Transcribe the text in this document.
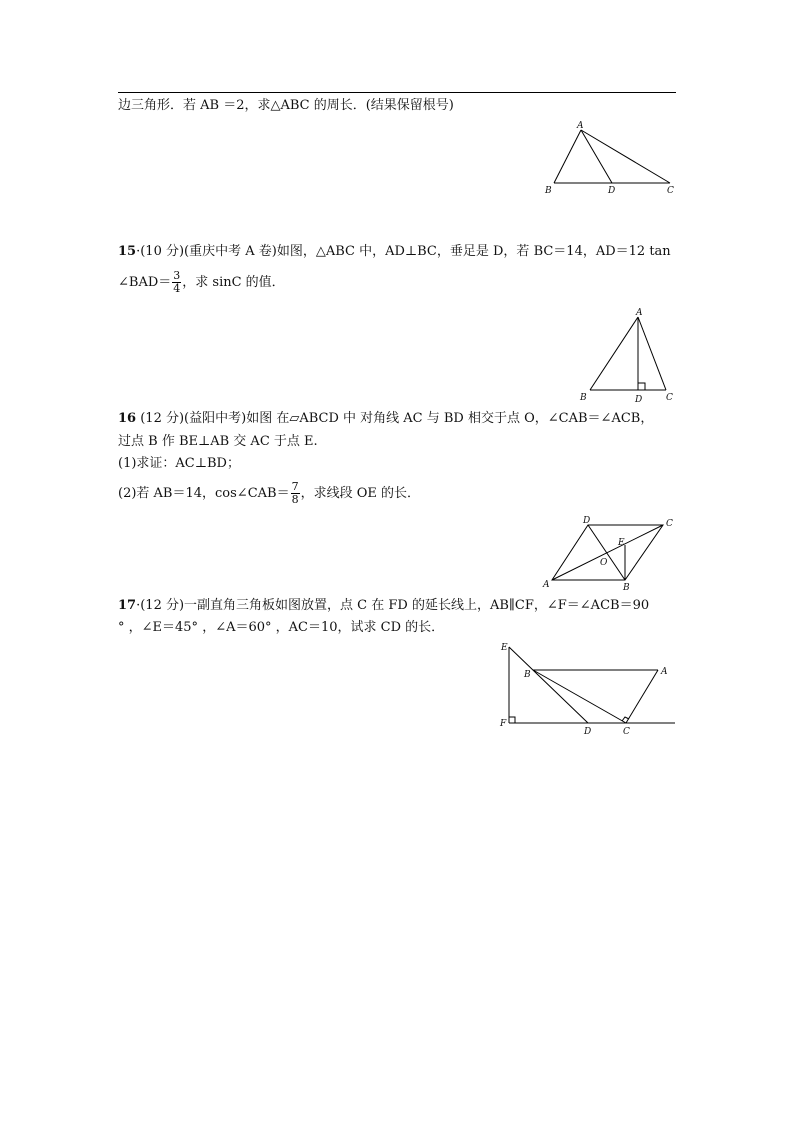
边三角形．若 AB ＝2，求△ABC 的周长．(结果保留根号)
A
B	D	C
15·(10 分)(重庆中考 A 卷)如图，△ABC 中，AD⊥BC，垂足是 D，若 BC＝14，AD＝12 tan
∠BAD＝ $\frac{3}{4}$ ，求 sinC 的值．
A
B	D	C
16 (12 分)(益阳中考)如图 在▱ABCD 中 对角线 AC 与 BD 相交于点 O，∠CAB＝∠ACB，
过点 B 作 BE⊥AB 交 AC 于点 E.
(1)求证：AC⊥BD；
(2)若 AB＝14，cos∠CAB＝ $\frac{7}{8}$ ，求线段 OE 的长．
D	C
E
O
A	B
17·(12 分)一副直角三角板如图放置，点 C 在 FD 的延长线上，AB∥CF，∠F＝∠ACB＝90
° ，∠E＝45° ，∠A＝60° ，AC＝10，试求 CD 的长．
E
B	A
F
D	C
